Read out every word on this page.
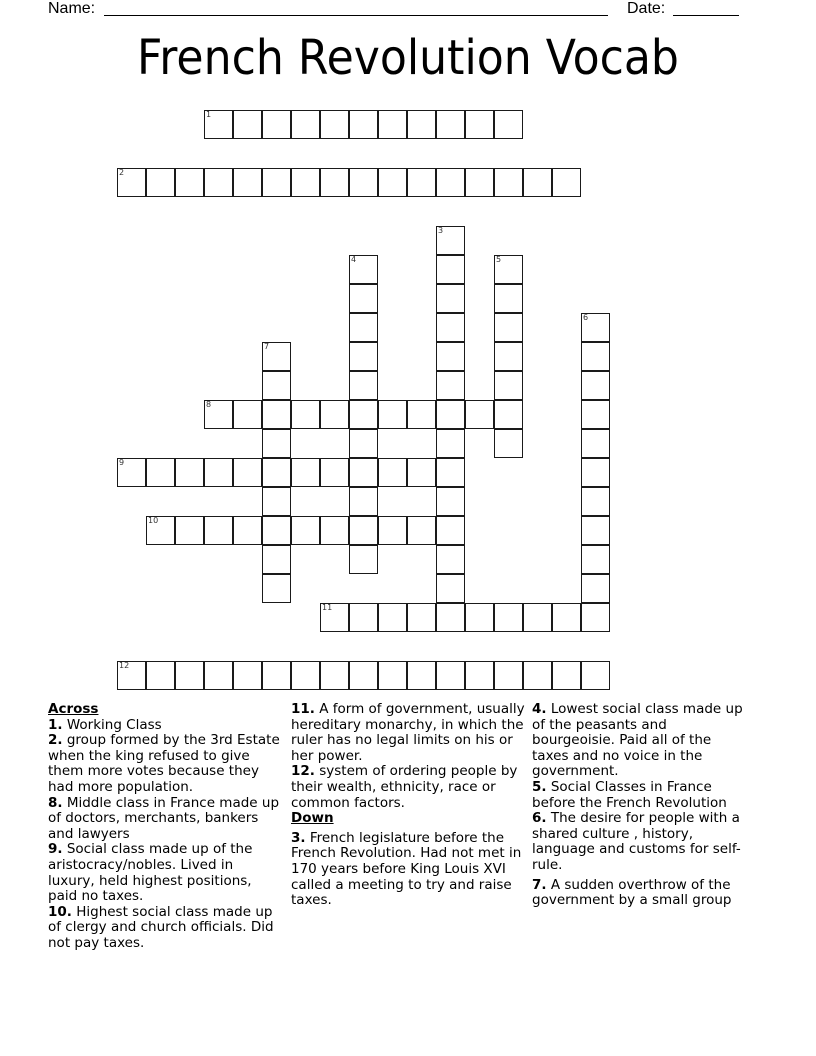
Name:	Date:
French Revolution Vocab
1
2
3
4	5
6
7
8
9
10
11
12
Across
1. Working Class
2. group formed by the 3rd Estate when the king refused to give them more votes because they had more population.
8. Middle class in France made up of doctors, merchants, bankers and lawyers
9. Social class made up of the aristocracy/nobles. Lived in luxury, held highest positions, paid no taxes.
10. Highest social class made up of clergy and church officials. Did not pay taxes.
11. A form of government, usually hereditary monarchy, in which the ruler has no legal limits on his or her power.
12. system of ordering people by their wealth, ethnicity, race or common factors.
Down
3. French legislature before the French Revolution. Had not met in 170 years before King Louis XVI called a meeting to try and raise taxes.
4. Lowest social class made up of the peasants and bourgeoisie. Paid all of the taxes and no voice in the government.
5. Social Classes in France before the French Revolution
6. The desire for people with a shared culture , history, language and customs for self-rule.
7. A sudden overthrow of the government by a small group
